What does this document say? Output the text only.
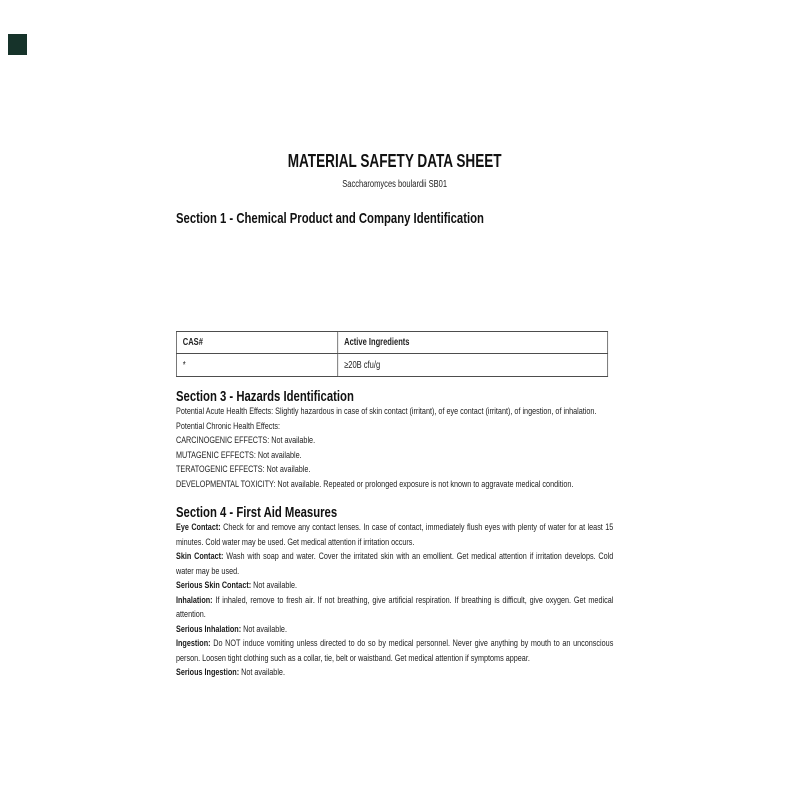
MATERIAL SAFETY DATA SHEET
Saccharomyces boulardii SB01
Section 1 - Chemical Product and Company Identification
CAS#	Active Ingredients
*	≥20B cfu/g
Section 3 - Hazards Identification

Potential Acute Health Effects: Slightly hazardous in case of skin contact (irritant), of eye contact (irritant), of ingestion, of inhalation. Potential Chronic Health Effects:

CARCINOGENIC EFFECTS: Not available.

MUTAGENIC EFFECTS: Not available.

TERATOGENIC EFFECTS: Not available.

DEVELOPMENTAL TOXICITY: Not available. Repeated or prolonged exposure is not known to aggravate medical condition.

Section 4 - First Aid Measures

Eye Contact: Check for and remove any contact lenses. In case of contact, immediately flush eyes with plenty of water for at least 15 minutes. Cold water may be used. Get medical attention if irritation occurs.

Skin Contact: Wash with soap and water. Cover the irritated skin with an emollient. Get medical attention if irritation develops. Cold water may be used.

Serious Skin Contact: Not available.

Inhalation: If inhaled, remove to fresh air. If not breathing, give artificial respiration. If breathing is difficult, give oxygen. Get medical attention.

Serious Inhalation: Not available.

Ingestion: Do NOT induce vomiting unless directed to do so by medical personnel. Never give anything by mouth to an unconscious person. Loosen tight clothing such as a collar, tie, belt or waistband. Get medical attention if symptoms appear.

Serious Ingestion: Not available.
